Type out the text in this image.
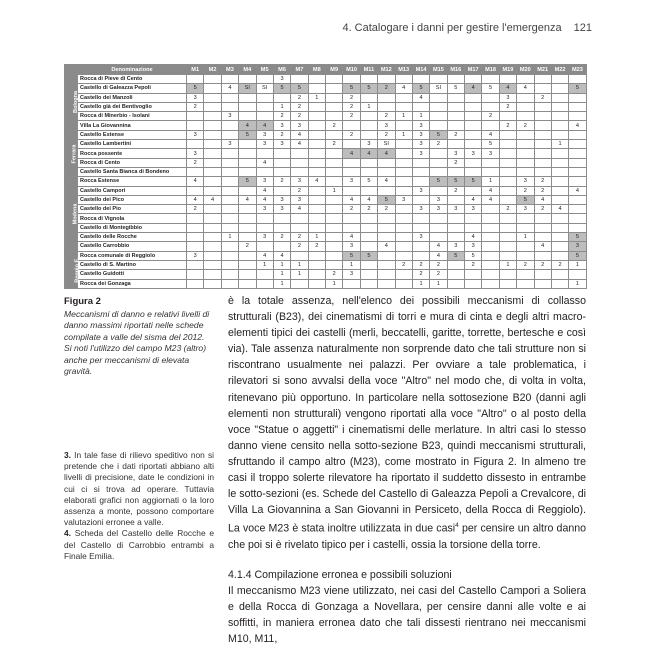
4. Catalogare i danni per gestire l'emergenza 121
	Denominazione	M1	M2	M3	M4	M5	M6	M7	M8	M9	M10	M11	M12	M13	M14	M15	M16	M17	M18	M19	M20	M21	M22	M23
Bologna	Rocca di Pieve di Cento						3																	
	Castello di Galeazza Pepoli	5		4	SI	SI	5	5			5	5	2	4	5	SI	5	4	5	4	4			5
	Castello dei Manzoli	3						2	1		2				4					3		2		
	Castello già dei Bentivoglio	2					1	2			2	1								2				
	Rocca di Minerbio - Isolani			3			2	2			2		2	1	1				2					
	Villa La Giovannina				4	4	3	3		2			3		3					2	2			4
Ferrara	Castello Estense	3			5	3	2	4			2		2	1	3	5	2		4					
	Castello Lambertini			3		3	3	4		2		3	SI		3	2			5				1	
	Rocca possente	3									4	4	4		3		3	3	3					
	Rocca di Cento	2				4											2							
	Castello Santa Bianca di Bondeno																							
Modena	Rocca Estense	4			5	3	2	3	4		3	5	4			5	5	5	1		3	2		
	Castello Campori					4		2		1					3		2		4		2	2		4
	Castello dei Pico	4	4		4	4	3	3			4	4	5	3		3		4	4		5	4		
	Castello dei Pio	2				3	3	4			2	2	2		3	3	3	3		2	3	2	4	
	Rocca di Vignola																							
	Castello di Montegibbio																							
	Castello delle Rocche			1		3	2	2	1		4				3			4			1			5
	Castello Carrobbio				2			2	2		3		4			4	3	3				4		3
Reggio E.	Rocca comunale di Reggiolo	3				4	4				5	5				4	5	5						5
	Castello di S. Martino					1	1	1			1			2	2	2		2		1	2	2	2	1
	Castello Guidotti						1	1		2	3				2	2								
	Rocca dei Gonzaga						1			1					1	1								1
Figura 2
Meccanismi di danno e relativi livelli di danno massimi riportati nelle schede compilate a valle del sisma del 2012. Si noti l'utilizzo del campo M23 (altro) anche per meccanismi di elevata gravità.
3. In tale fase di rilievo speditivo non si pretende che i dati riportati abbiano alti livelli di precisione, date le condizioni in cui ci si trova ad operare. Tuttavia elaborati grafici non aggiornati o la loro assenza a monte, possono comportare valutazioni erronee a valle.
4. Scheda del Castello delle Rocche e del Castello di Carrobbio entrambi a Finale Emilia.

è la totale assenza, nell'elenco dei possibili meccanismi di collasso strutturali (B23), dei cinematismi di torri e mura di cinta e degli altri macro-elementi tipici dei castelli (merli, beccatelli, garitte, torrette, bertesche e così via). Tale assenza naturalmente non sorprende dato che tali strutture non si riscontrano usualmente nei palazzi. Per ovviare a tale problematica, i rilevatori si sono avvalsi della voce "Altro" nel modo che, di volta in volta, ritenevano più opportuno. In particolare nella sottosezione B20 (danni agli elementi non strutturali) vengono riportati alla voce "Altro" o al posto della voce "Statue o aggetti" i cinematismi delle merlature. In altri casi lo stesso danno viene censito nella sotto-sezione B23, quindi meccanismi strutturali, sfruttando il campo altro (M23), come mostrato in Figura 2. In almeno tre casi il troppo solerte rilevatore ha riportato il suddetto dissesto in entrambe le sotto-sezioni (es. Schede del Castello di Galeazza Pepoli a Crevalcore, di Villa La Giovannina a San Giovanni in Persiceto, della Rocca di Reggiolo). La voce M23 è stata inoltre utilizzata in due casi$^4$ per censire un altro danno che poi si è rivelato tipico per i castelli, ossia la torsione della torre.

4.1.4 Compilazione erronea e possibili soluzioni

Il meccanismo M23 viene utilizzato, nei casi del Castello Campori a Soliera e della Rocca di Gonzaga a Novellara, per censire danni alle volte e ai soffitti, in maniera erronea dato che tali dissesti rientrano nei meccanismi M10, M11,
